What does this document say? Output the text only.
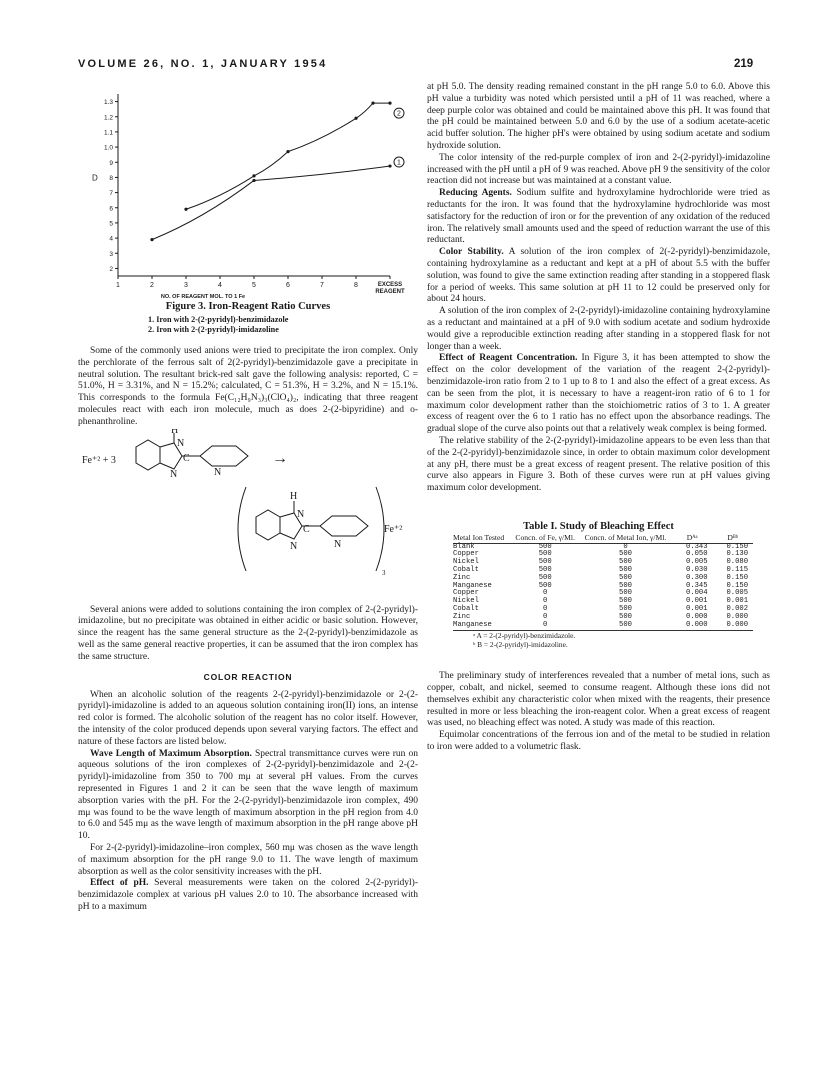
VOLUME 26, NO. 1, JANUARY 1954	219
2
3
4
5
6
7
8
9
1.0
1.1
1.2
1.3
1	2	3	4	5	6	7	8	EXCESS
REAGENT
D
NO. OF REAGENT MOL. TO 1 Fe
1
2
Figure 3. Iron-Reagent Ratio Curves
1. Iron with 2-(2-pyridyl)-benzimidazole
2. Iron with 2-(2-pyridyl)-imidazoline

Some of the commonly used anions were tried to precipitate the iron complex. Only the perchlorate of the ferrous salt of 2(2-pyridyl)-benzimidazole gave a precipitate in neutral solution. The resultant brick-red salt gave the following analysis: reported, C = 51.0%, H = 3.31%, and N = 15.2%; calculated, C = 51.3%, H = 3.2%, and N = 15.1%. This corresponds to the formula Fe(C₁₂H₉N₃)₃(ClO₄)₂, indicating that three reagent molecules react with each iron molecule, much as does 2-(2-bipyridine) and o-phenanthroline.

Fe⁺² + 3
H
N
N
C
N
→
H
N
N
C
N
Fe⁺²
3

Several anions were added to solutions containing the iron complex of 2-(2-pyridyl)-imidazoline, but no precipitate was obtained in either acidic or basic solution. However, since the reagent has the same general structure as the 2-(2-pyridyl)-benzimidazole as well as the same general reactive properties, it can be assumed that the iron complex has the same structure.

COLOR REACTION

When an alcoholic solution of the reagents 2-(2-pyridyl)-benzimidazole or 2-(2-pyridyl)-imidazoline is added to an aqueous solution containing iron(II) ions, an intense red color is formed. The alcoholic solution of the reagent has no color itself. However, the intensity of the color produced depends upon several varying factors. The effect and nature of these factors are listed below.

Wave Length of Maximum Absorption. Spectral transmittance curves were run on aqueous solutions of the iron complexes of 2-(2-pyridyl)-benzimidazole and 2-(2-pyridyl)-imidazoline from 350 to 700 mμ at several pH values. From the curves represented in Figures 1 and 2 it can be seen that the wave length of maximum absorption varies with the pH. For the 2-(2-pyridyl)-benzimidazole iron complex, 490 mμ was found to be the wave length of maximum absorption in the pH region from 4.0 to 6.0 and 545 mμ as the wave length of maximum absorption in the pH range above pH 10.

For 2-(2-pyridyl)-imidazoline–iron complex, 560 mμ was chosen as the wave length of maximum absorption for the pH range 9.0 to 11. The wave length of maximum absorption as well as the color sensitivity increases with the pH.

Effect of pH. Several measurements were taken on the colored 2-(2-pyridyl)-benzimidazole complex at various pH values 2.0 to 10. The absorbance increased with pH to a maximum

at pH 5.0. The density reading remained constant in the pH range 5.0 to 6.0. Above this pH value a turbidity was noted which persisted until a pH of 11 was reached, where a deep purple color was obtained and could be maintained above this pH. It was found that the pH could be maintained between 5.0 and 6.0 by the use of a sodium acetate-acetic acid buffer solution. The higher pH's were obtained by using sodium acetate and sodium hydroxide solution.

The color intensity of the red-purple complex of iron and 2-(2-pyridyl)-imidazoline increased with the pH until a pH of 9 was reached. Above pH 9 the sensitivity of the color reaction did not increase but was maintained at a constant value.

Reducing Agents. Sodium sulfite and hydroxylamine hydrochloride were tried as reductants for the iron. It was found that the hydroxylamine hydrochloride was most satisfactory for the reduction of iron or for the prevention of any oxidation of the reduced iron. The relatively small amounts used and the speed of reduction warrant the use of this reductant.

Color Stability. A solution of the iron complex of 2(-2-pyridyl)-benzimidazole, containing hydroxylamine as a reductant and kept at a pH of about 5.5 with the buffer solution, was found to give the same extinction reading after standing in a stoppered flask for a period of weeks. This same solution at pH 11 to 12 could be preserved only for about 24 hours.

A solution of the iron complex of 2-(2-pyridyl)-imidazoline containing hydroxylamine as a reductant and maintained at a pH of 9.0 with sodium acetate and sodium hydroxide would give a reproducible extinction reading after standing in a stoppered flask for not longer than a week.

Effect of Reagent Concentration. In Figure 3, it has been attempted to show the effect on the color development of the variation of the reagent 2-(2-pyridyl)-benzimidazole-iron ratio from 2 to 1 up to 8 to 1 and also the effect of a great excess. As can be seen from the plot, it is necessary to have a reagent-iron ratio of 6 to 1 for maximum color development rather than the stoichiometric ratios of 3 to 1. A greater excess of reagent over the 6 to 1 ratio has no effect upon the absorbance readings. The gradual slope of the curve also points out that a relatively weak complex is being formed.

The relative stability of the 2-(2-pyridyl)-imidazoline appears to be even less than that of the 2-(2-pyridyl)-benzimidazole since, in order to obtain maximum color development at any pH, there must be a great excess of reagent present. The relative position of this curve also appears in Figure 3. Both of these curves were run at pH values giving maximum color development.

Table I. Study of Bleaching Effect
Metal Ion Tested	Concn. of Fe, γ/Ml.	Concn. of Metal Ion, γ/Ml.	Dᴬᵃ	Dᴮᵇ
Blank	500	0	0.343	0.150
Copper	500	500	0.050	0.130
Nickel	500	500	0.005	0.080
Cobalt	500	500	0.030	0.115
Zinc	500	500	0.300	0.150
Manganese	500	500	0.345	0.150
Copper	0	500	0.004	0.005
Nickel	0	500	0.001	0.001
Cobalt	0	500	0.001	0.002
Zinc	0	500	0.000	0.000
Manganese	0	500	0.000	0.000
ᵃ A = 2-(2-pyridyl)-benzimidazole.
ᵇ B = 2-(2-pyridyl)-imidazoline.

The preliminary study of interferences revealed that a number of metal ions, such as copper, cobalt, and nickel, seemed to consume reagent. Although these ions did not themselves exhibit any characteristic color when mixed with the reagents, their presence resulted in more or less bleaching the iron-reagent color. When a great excess of reagent was used, no bleaching effect was noted. A study was made of this reaction.

Equimolar concentrations of the ferrous ion and of the metal to be studied in relation to iron were added to a volumetric flask.
